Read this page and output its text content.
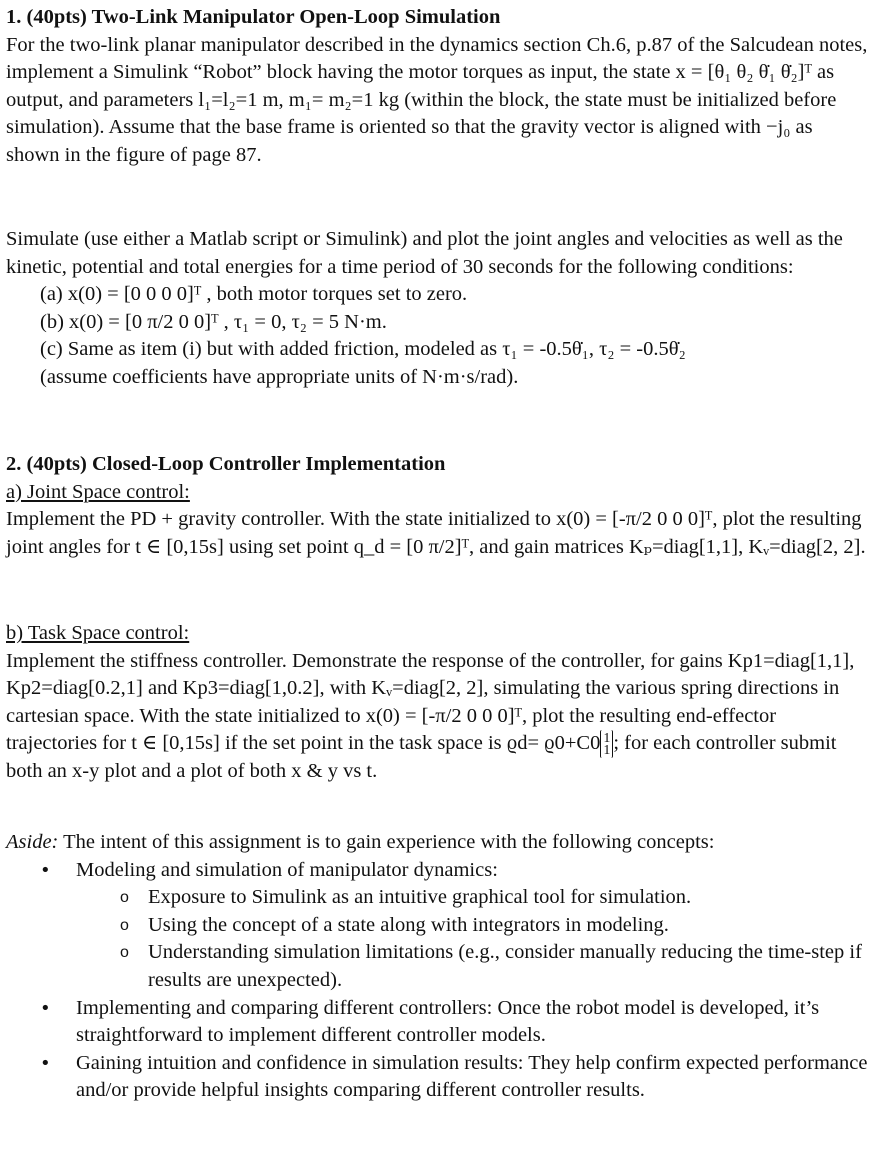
1. (40pts) Two-Link Manipulator Open-Loop Simulation

For the two-link planar manipulator described in the dynamics section Ch.6, p.87 of the Salcudean notes, implement a Simulink “Robot” block having the motor torques as input, the state x = [θ₁ θ₂ θ̇₁ θ̇₂]ᵀ as output, and parameters l₁=l₂=1 m, m₁= m₂=1 kg (within the block, the state must be initialized before simulation). Assume that the base frame is oriented so that the gravity vector is aligned with −j₀ as shown in the figure of page 87.

Simulate (use either a Matlab script or Simulink) and plot the joint angles and velocities as well as the kinetic, potential and total energies for a time period of 30 seconds for the following conditions:

(a) x(0) = [0 0 0 0]ᵀ , both motor torques set to zero.

(b) x(0) = [0 π/2 0 0]ᵀ , τ₁ = 0, τ₂ = 5 N·m.

(c) Same as item (i) but with added friction, modeled as τ₁ = -0.5θ̇₁, τ₂ = -0.5θ̇₂

(assume coefficients have appropriate units of N·m·s/rad).

2. (40pts) Closed-Loop Controller Implementation

a) Joint Space control:

Implement the PD + gravity controller. With the state initialized to x(0) = [-π/2 0 0 0]ᵀ, plot the resulting joint angles for t ∈ [0,15s] using set point q_d = [0 π/2]ᵀ, and gain matrices Kₚ=diag[1,1], Kᵥ=diag[2, 2].

b) Task Space control:

Implement the stiffness controller. Demonstrate the response of the controller, for gains Kp1=diag[1,1], Kp2=diag[0.2,1] and Kp3=diag[1,0.2], with Kᵥ=diag[2, 2], simulating the various spring directions in cartesian space. With the state initialized to x(0) = [-π/2 0 0 0]ᵀ, plot the resulting end-effector trajectories for t ∈ [0,15s] if the set point in the task space is ϱd= ϱ0+C0 1
1 ; for each controller submit both an x-y plot and a plot of both x & y vs t.

Aside: The intent of this assignment is to gain experience with the following concepts:

• Modeling and simulation of manipulator dynamics:
o Exposure to Simulink as an intuitive graphical tool for simulation.
o Using the concept of a state along with integrators in modeling.
o Understanding simulation limitations (e.g., consider manually reducing the time-step if results are unexpected).
• Implementing and comparing different controllers: Once the robot model is developed, it’s straightforward to implement different controller models.
• Gaining intuition and confidence in simulation results: They help confirm expected performance and/or provide helpful insights comparing different controller results.
